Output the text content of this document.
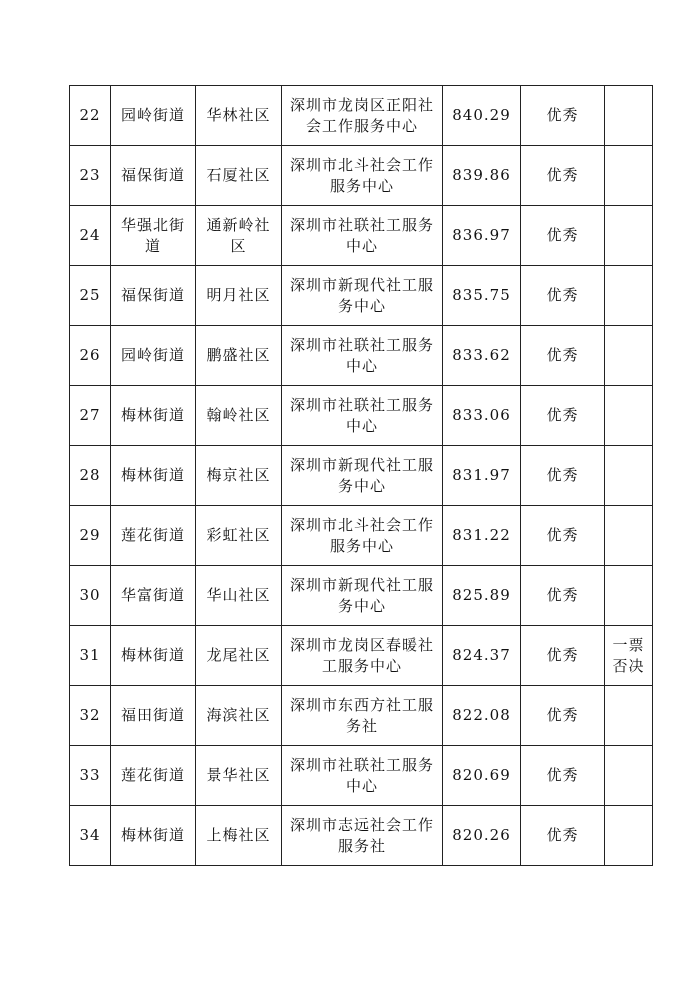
22	园岭街道	华林社区	深圳市龙岗区正阳社会工作服务中心	840.29	优秀	
23	福保街道	石厦社区	深圳市北斗社会工作服务中心	839.86	优秀	
24	华强北街道	通新岭社区	深圳市社联社工服务中心	836.97	优秀	
25	福保街道	明月社区	深圳市新现代社工服务中心	835.75	优秀	
26	园岭街道	鹏盛社区	深圳市社联社工服务中心	833.62	优秀	
27	梅林街道	翰岭社区	深圳市社联社工服务中心	833.06	优秀	
28	梅林街道	梅京社区	深圳市新现代社工服务中心	831.97	优秀	
29	莲花街道	彩虹社区	深圳市北斗社会工作服务中心	831.22	优秀	
30	华富街道	华山社区	深圳市新现代社工服务中心	825.89	优秀	
31	梅林街道	龙尾社区	深圳市龙岗区春暖社工服务中心	824.37	优秀	一票否决
32	福田街道	海滨社区	深圳市东西方社工服务社	822.08	优秀	
33	莲花街道	景华社区	深圳市社联社工服务中心	820.69	优秀	
34	梅林街道	上梅社区	深圳市志远社会工作服务社	820.26	优秀	
